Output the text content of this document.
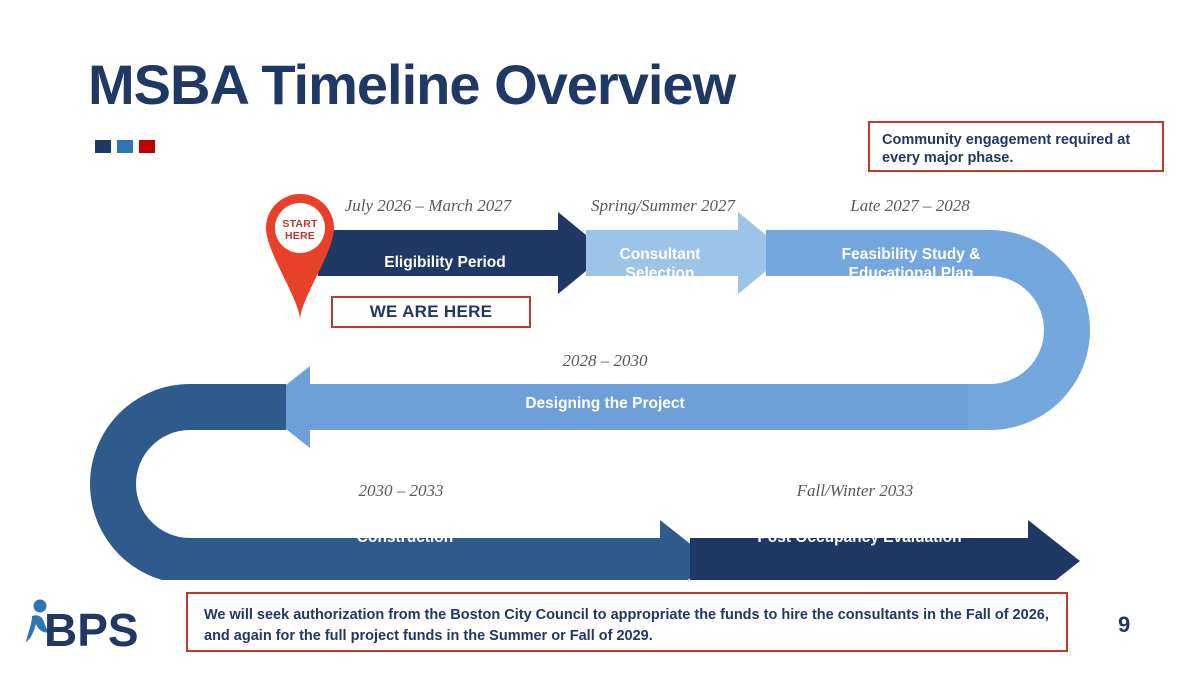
MSBA Timeline Overview
Community engagement required at every major phase.
START
HERE
July 2026 – March 2027	Spring/Summer 2027	Late 2027 – 2028
2028 – 2030
2030 – 2033	Fall/Winter 2033
Eligibility Period	Consultant Selection
Feasibility Study & Educational Plan
Designing the Project
Construction	Post Occupancy Evaluation
WE ARE HERE
We will seek authorization from the Boston City Council to appropriate the funds to hire the consultants in the Fall of 2026, and again for the full project funds in the Summer or Fall of 2029.
BPS	9
